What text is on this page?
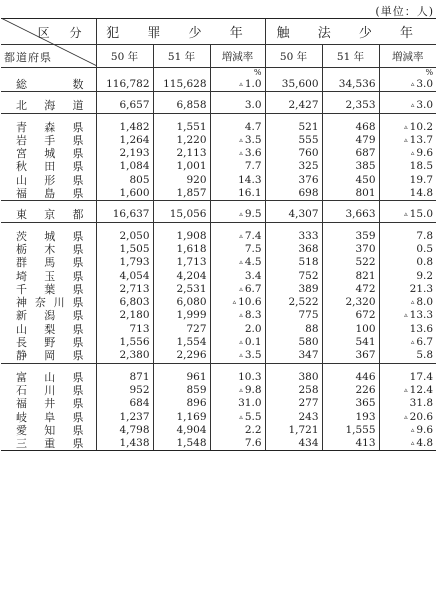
(単位：人)
区 分	犯 罪 少 年			触 法 少 年		

都道府県	50 年	51 年	増減率	50 年	51 年	増減率
			%			%
総 数	116,782	115,628	▵ 1.0	35,600	34,536	▵ 3.0

北 海 道	6,657	6,858	3.0	2,427	2,353	▵ 3.0

青 森 県	1,482	1,551	4.7	521	468	▵ 10.2
岩 手 県	1,264	1,220	▵ 3.5	555	479	▵ 13.7
宮 城 県	2,193	2,113	▵ 3.6	760	687	▵ 9.6
秋 田 県	1,084	1,001	7.7	325	385	18.5
山 形 県	805	920	14.3	376	450	19.7
福 島 県	1,600	1,857	16.1	698	801	14.8

東 京 都	16,637	15,056	▵ 9.5	4,307	3,663	▵ 15.0

茨 城 県	2,050	1,908	▵ 7.4	333	359	7.8
栃 木 県	1,505	1,618	7.5	368	370	0.5
群 馬 県	1,793	1,713	▵ 4.5	518	522	0.8
埼 玉 県	4,054	4,204	3.4	752	821	9.2
千 葉 県	2,713	2,531	▵ 6.7	389	472	21.3
神奈川県	6,803	6,080	▵ 10.6	2,522	2,320	▵ 8.0
新 潟 県	2,180	1,999	▵ 8.3	775	672	▵ 13.3
山 梨 県	713	727	2.0	88	100	13.6
長 野 県	1,556	1,554	▵ 0.1	580	541	▵ 6.7
静 岡 県	2,380	2,296	▵ 3.5	347	367	5.8

富 山 県	871	961	10.3	380	446	17.4
石 川 県	952	859	▵ 9.8	258	226	▵ 12.4
福 井 県	684	896	31.0	277	365	31.8
岐 阜 県	1,237	1,169	▵ 5.5	243	193	▵ 20.6
愛 知 県	4,798	4,904	2.2	1,721	1,555	▵ 9.6
三 重 県	1,438	1,548	7.6	434	413	▵ 4.8
